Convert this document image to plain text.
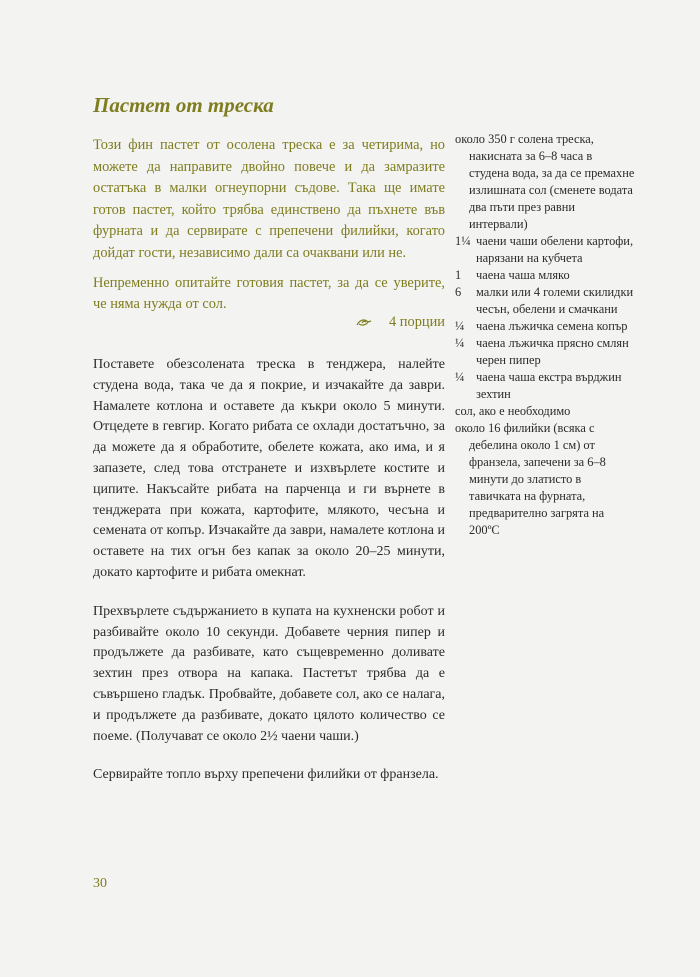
Пастет от треска

Този фин пастет от осолена треска е за четирима, но можете да направите двойно повече и да замразите остатъка в малки огнеупорни съдове. Така ще имате готов пастет, който трябва единствено да пъхнете във фурната и да сервирате с препечени филийки, когато дойдат гости, независимо дали са очаквани или не.

Непременно опитайте готовия пастет, за да се уверите, че няма нужда от сол.

4 порции

Поставете обезсолената треска в тенджера, налейте студена вода, така че да я покрие, и изчакайте да заври. Намалете котлона и оставете да къкри около 5 минути. Отцедете в гевгир. Когато рибата се охлади достатъчно, за да можете да я обработите, обелете кожата, ако има, и я запазете, след това отстранете и изхвърлете костите и ципите. Накъсайте рибата на парченца и ги върнете в тенджерата при кожата, картофите, млякото, чесъна и семената от копър. Изчакайте да заври, намалете котлона и оставете на тих огън без капак за около 20–25 минути, докато картофите и рибата омекнат.

Прехвърлете съдържанието в купата на кухненски робот и разбивайте около 10 секунди. Добавете черния пипер и продължете да разбивате, като същевременно доливате зехтин през отвора на капака. Пастетът трябва да е съвършено гладък. Пробвайте, добавете сол, ако се налага, и продължете да разбивате, докато цялото количество се поеме. (Получават се около 2½ чаени чаши.)

Сервирайте топло върху препечени филийки от франзела.

около 350 г солена треска, накисната за 6–8 часа в студена вода, за да се премахне излишната сол (сменете водата два пъти през равни интервали)
1¼ чаени чаши обелени картофи, нарязани на кубчета
1	чаена чаша мляко
6	малки или 4 големи скилидки чесън, обелени и смачкани
¼ чаена лъжичка семена копър
¼ чаена лъжичка прясно смлян черен пипер
¼ чаена чаша екстра върджин зехтин
сол, ако е необходимо
около 16 филийки (всяка с дебелина около 1 см) от франзела, запечени за 6–8 минути до златисто в тавичката на фурната, предварително загрята на 200ºC
30
